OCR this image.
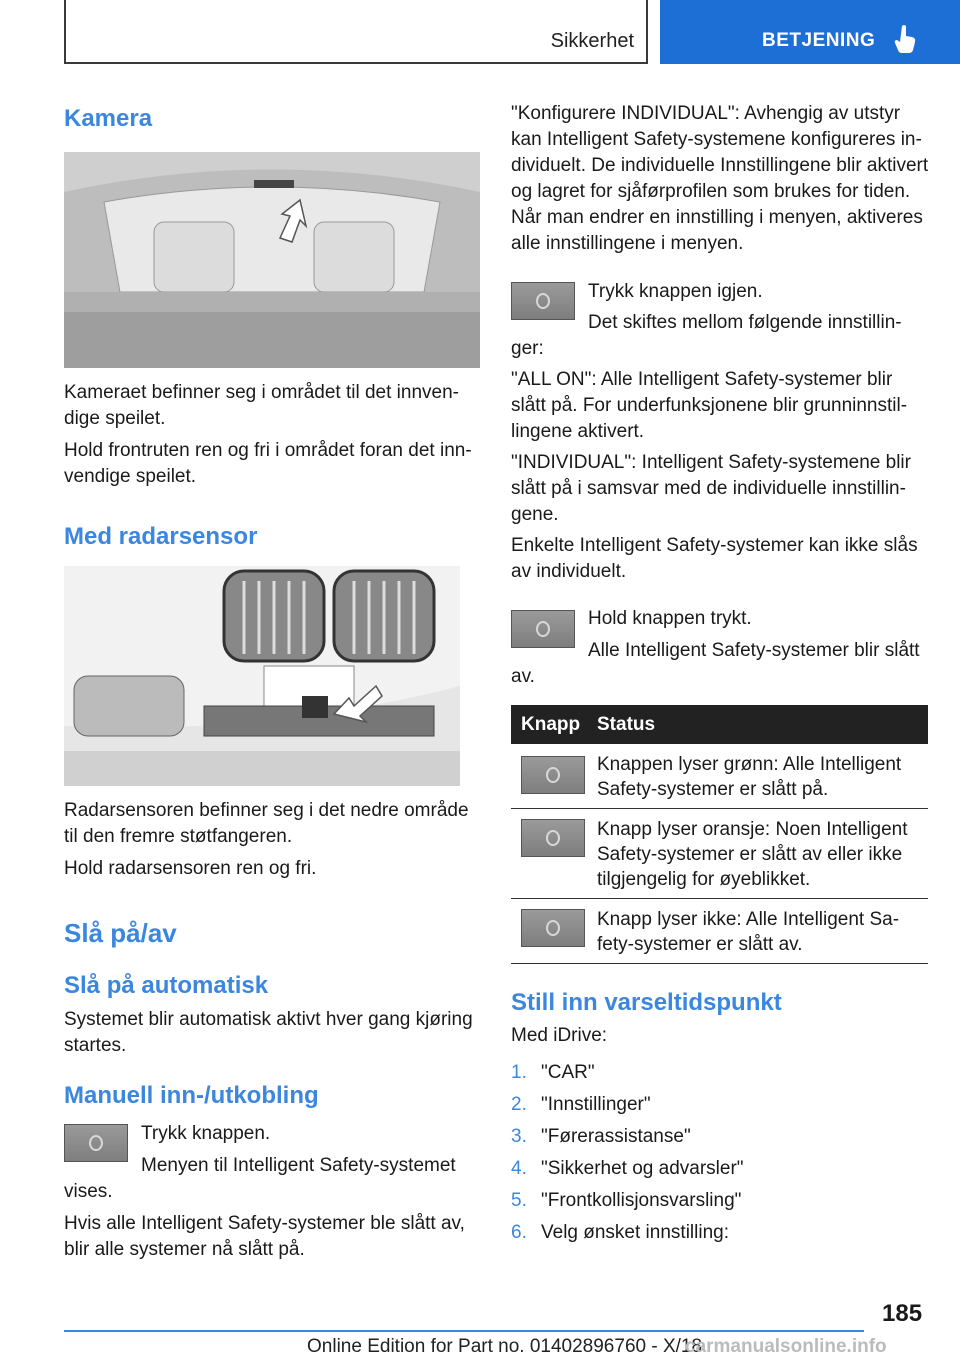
Sikkerhet	BETJENING
Kamera

Kameraet befinner seg i området til det innven-dige speilet.

Hold frontruten ren og fri i området foran det inn-vendige speilet.

Med radarsensor

Radarsensoren befinner seg i det nedre område til den fremre støtfangeren.

Hold radarsensoren ren og fri.

Slå på/av
Slå på automatisk

Systemet blir automatisk aktivt hver gang kjøring startes.

Manuell inn-/utkobling

Trykk knappen.

Menyen til Intelligent Safety-systemet vises.

Hvis alle Intelligent Safety-systemer ble slått av, blir alle systemer nå slått på.

"Konfigurere INDIVIDUAL": Avhengig av utstyr kan Intelligent Safety-systemene konfigureres in-dividuelt. De individuelle Innstillingene blir aktivert og lagret for sjåførprofilen som brukes for tiden. Når man endrer en innstilling i menyen, aktiveres alle innstillingene i menyen.

Trykk knappen igjen.

Det skiftes mellom følgende innstillin-ger:

"ALL ON": Alle Intelligent Safety-systemer blir slått på. For underfunksjonene blir grunninnstil-lingene aktivert.

"INDIVIDUAL": Intelligent Safety-systemene blir slått på i samsvar med de individuelle innstillin-gene.

Enkelte Intelligent Safety-systemer kan ikke slås av individuelt.

Hold knappen trykt.

Alle Intelligent Safety-systemer blir slått av.

Knapp Status
Knappen lyser grønn: Alle Intelligent Safety-systemer er slått på.
Knapp lyser oransje: Noen Intelligent Safety-systemer er slått av eller ikke tilgjengelig for øyeblikket.
Knapp lyser ikke: Alle Intelligent Sa-fety-systemer er slått av.
Still inn varseltidspunkt

Med iDrive:

1. "CAR"
2. "Innstillinger"
3. "Førerassistanse"
4. "Sikkerhet og advarsler"
5. "Frontkollisjonsvarsling"
6. Velg ønsket innstilling:
185
Online Edition for Part no. 01402896760 - X/18
carmanualsonline.info
